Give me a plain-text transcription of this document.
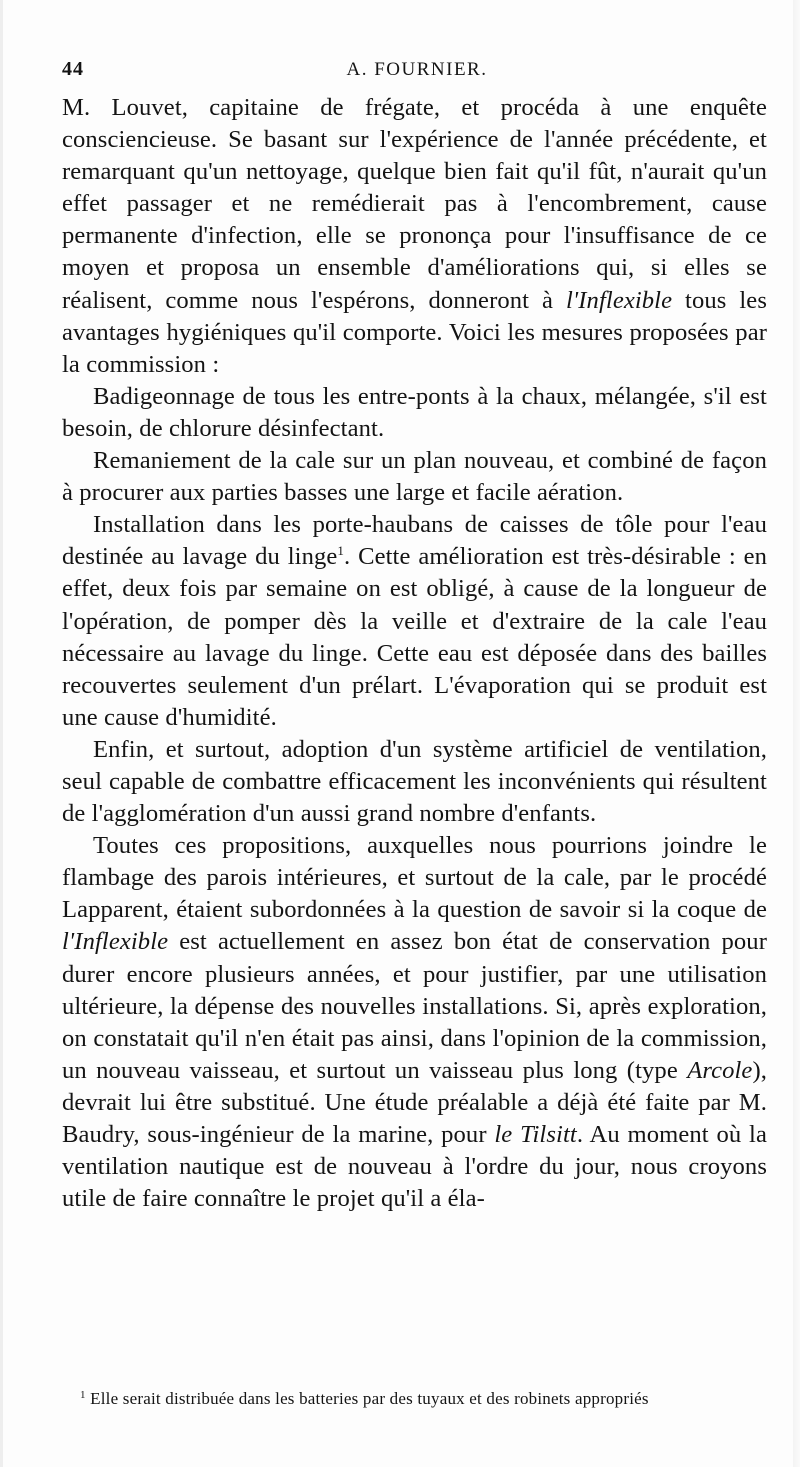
44	A. FOURNIER.

M. Louvet, capitaine de frégate, et procéda à une enquête consciencieuse. Se basant sur l'expérience de l'année précédente, et remarquant qu'un nettoyage, quelque bien fait qu'il fût, n'aurait qu'un effet passager et ne remédierait pas à l'encombrement, cause permanente d'infection, elle se prononça pour l'insuffisance de ce moyen et proposa un ensemble d'améliorations qui, si elles se réalisent, comme nous l'espérons, donneront à l'Inflexible tous les avantages hygiéniques qu'il comporte. Voici les mesures proposées par la commission :

Badigeonnage de tous les entre-ponts à la chaux, mélangée, s'il est besoin, de chlorure désinfectant.

Remaniement de la cale sur un plan nouveau, et combiné de façon à procurer aux parties basses une large et facile aération.

Installation dans les porte-haubans de caisses de tôle pour l'eau destinée au lavage du linge$^1$. Cette amélioration est très-désirable : en effet, deux fois par semaine on est obligé, à cause de la longueur de l'opération, de pomper dès la veille et d'extraire de la cale l'eau nécessaire au lavage du linge. Cette eau est déposée dans des bailles recouvertes seulement d'un prélart. L'évaporation qui se produit est une cause d'humidité.

Enfin, et surtout, adoption d'un système artificiel de ventilation, seul capable de combattre efficacement les inconvénients qui résultent de l'agglomération d'un aussi grand nombre d'enfants.

Toutes ces propositions, auxquelles nous pourrions joindre le flambage des parois intérieures, et surtout de la cale, par le procédé Lapparent, étaient subordonnées à la question de savoir si la coque de l'Inflexible est actuellement en assez bon état de conservation pour durer encore plusieurs années, et pour justifier, par une utilisation ultérieure, la dépense des nouvelles installations. Si, après exploration, on constatait qu'il n'en était pas ainsi, dans l'opinion de la commission, un nouveau vaisseau, et surtout un vaisseau plus long (type Arcole), devrait lui être substitué. Une étude préalable a déjà été faite par M. Baudry, sous-ingénieur de la marine, pour le Tilsitt. Au moment où la ventilation nautique est de nouveau à l'ordre du jour, nous croyons utile de faire connaître le projet qu'il a éla-

$^1$ Elle serait distribuée dans les batteries par des tuyaux et des robinets appropriés
